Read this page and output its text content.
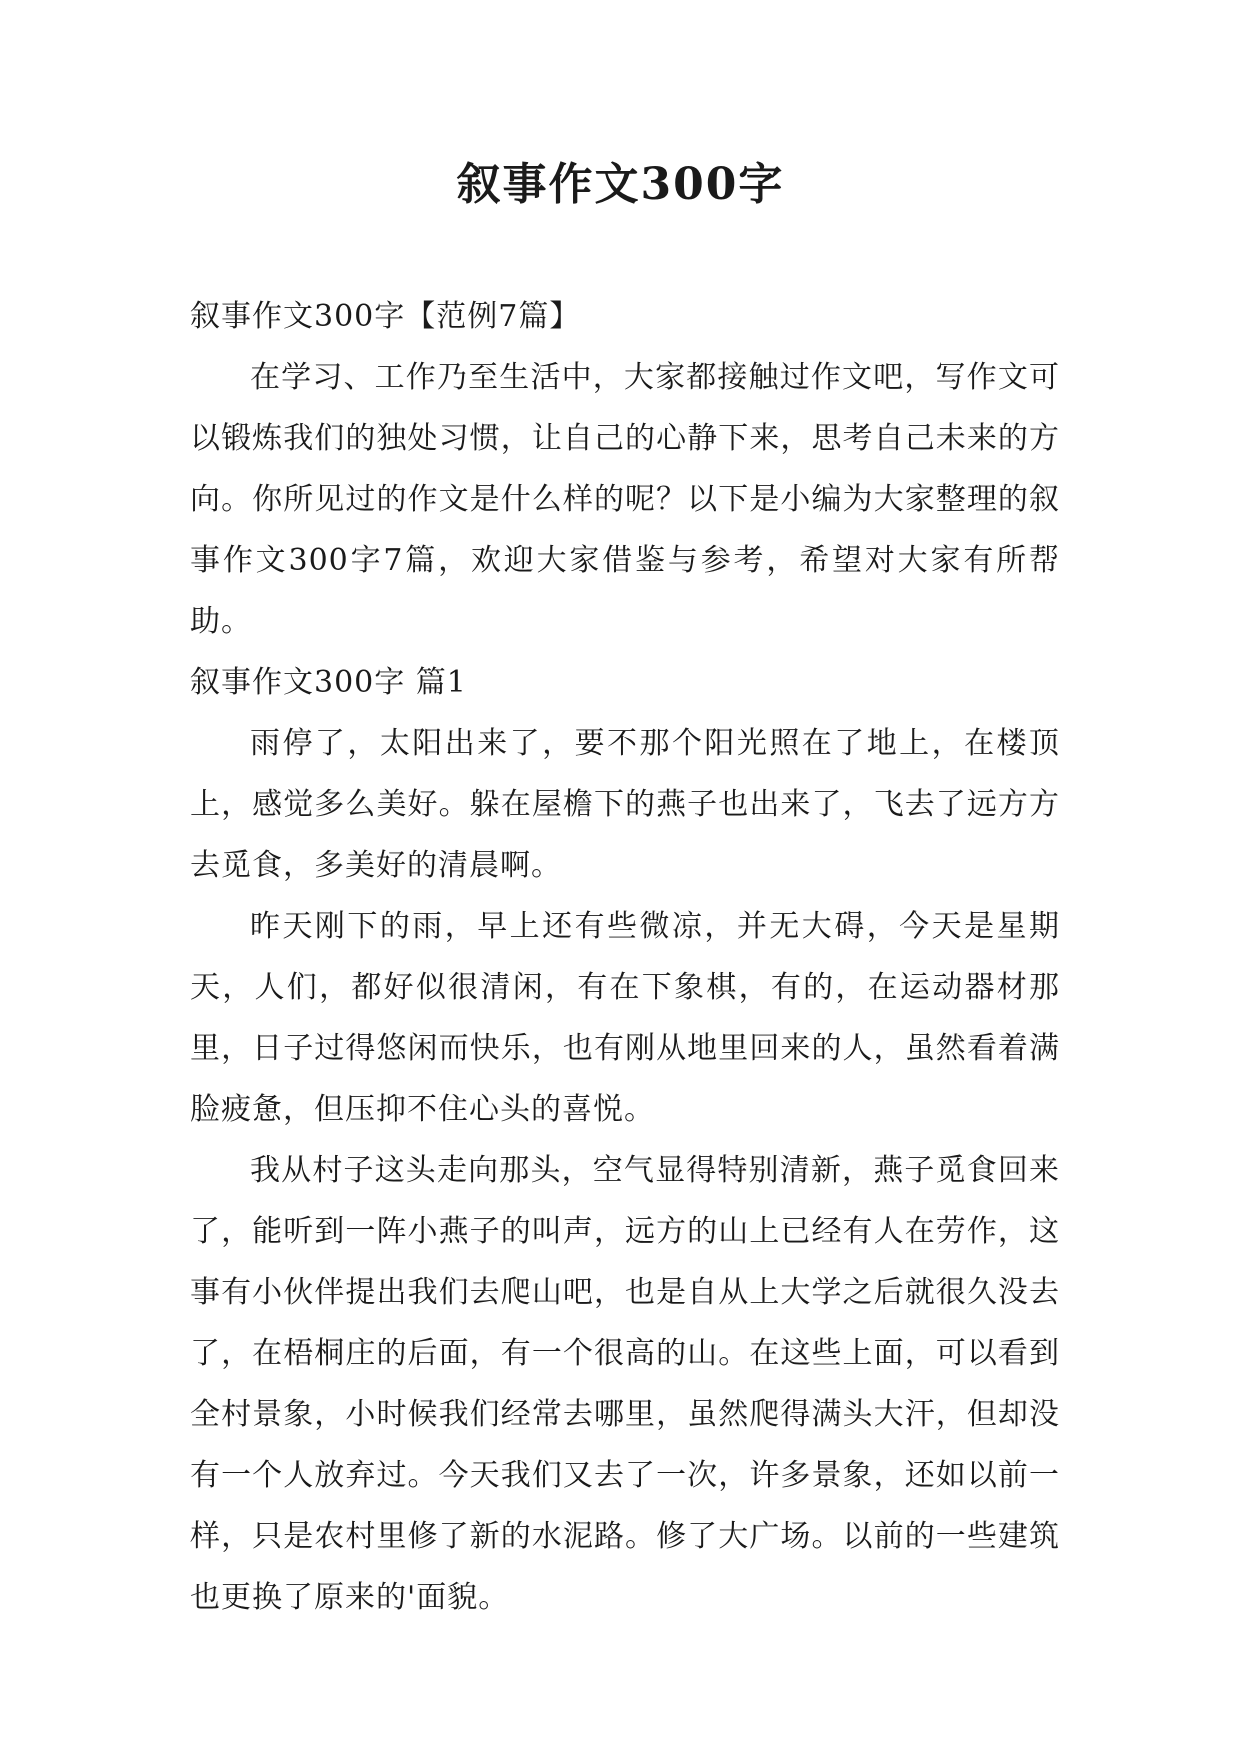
叙事作文300字

叙事作文300字【范例7篇】

在学习、工作乃至生活中，大家都接触过作文吧，写作文可以锻炼我们的独处习惯，让自己的心静下来，思考自己未来的方向。你所见过的作文是什么样的呢？以下是小编为大家整理的叙事作文300字7篇，欢迎大家借鉴与参考，希望对大家有所帮助。

叙事作文300字 篇1

雨停了，太阳出来了，要不那个阳光照在了地上，在楼顶上，感觉多么美好。躲在屋檐下的燕子也出来了，飞去了远方方去觅食，多美好的清晨啊。

昨天刚下的雨，早上还有些微凉，并无大碍，今天是星期天，人们，都好似很清闲，有在下象棋，有的，在运动器材那里，日子过得悠闲而快乐，也有刚从地里回来的人，虽然看着满脸疲惫，但压抑不住心头的喜悦。

我从村子这头走向那头，空气显得特别清新，燕子觅食回来了，能听到一阵小燕子的叫声，远方的山上已经有人在劳作，这事有小伙伴提出我们去爬山吧，也是自从上大学之后就很久没去了，在梧桐庄的后面，有一个很高的山。在这些上面，可以看到全村景象，小时候我们经常去哪里，虽然爬得满头大汗，但却没有一个人放弃过。今天我们又去了一次，许多景象，还如以前一样，只是农村里修了新的水泥路。修了大广场。以前的一些建筑也更换了原来的'面貌。
